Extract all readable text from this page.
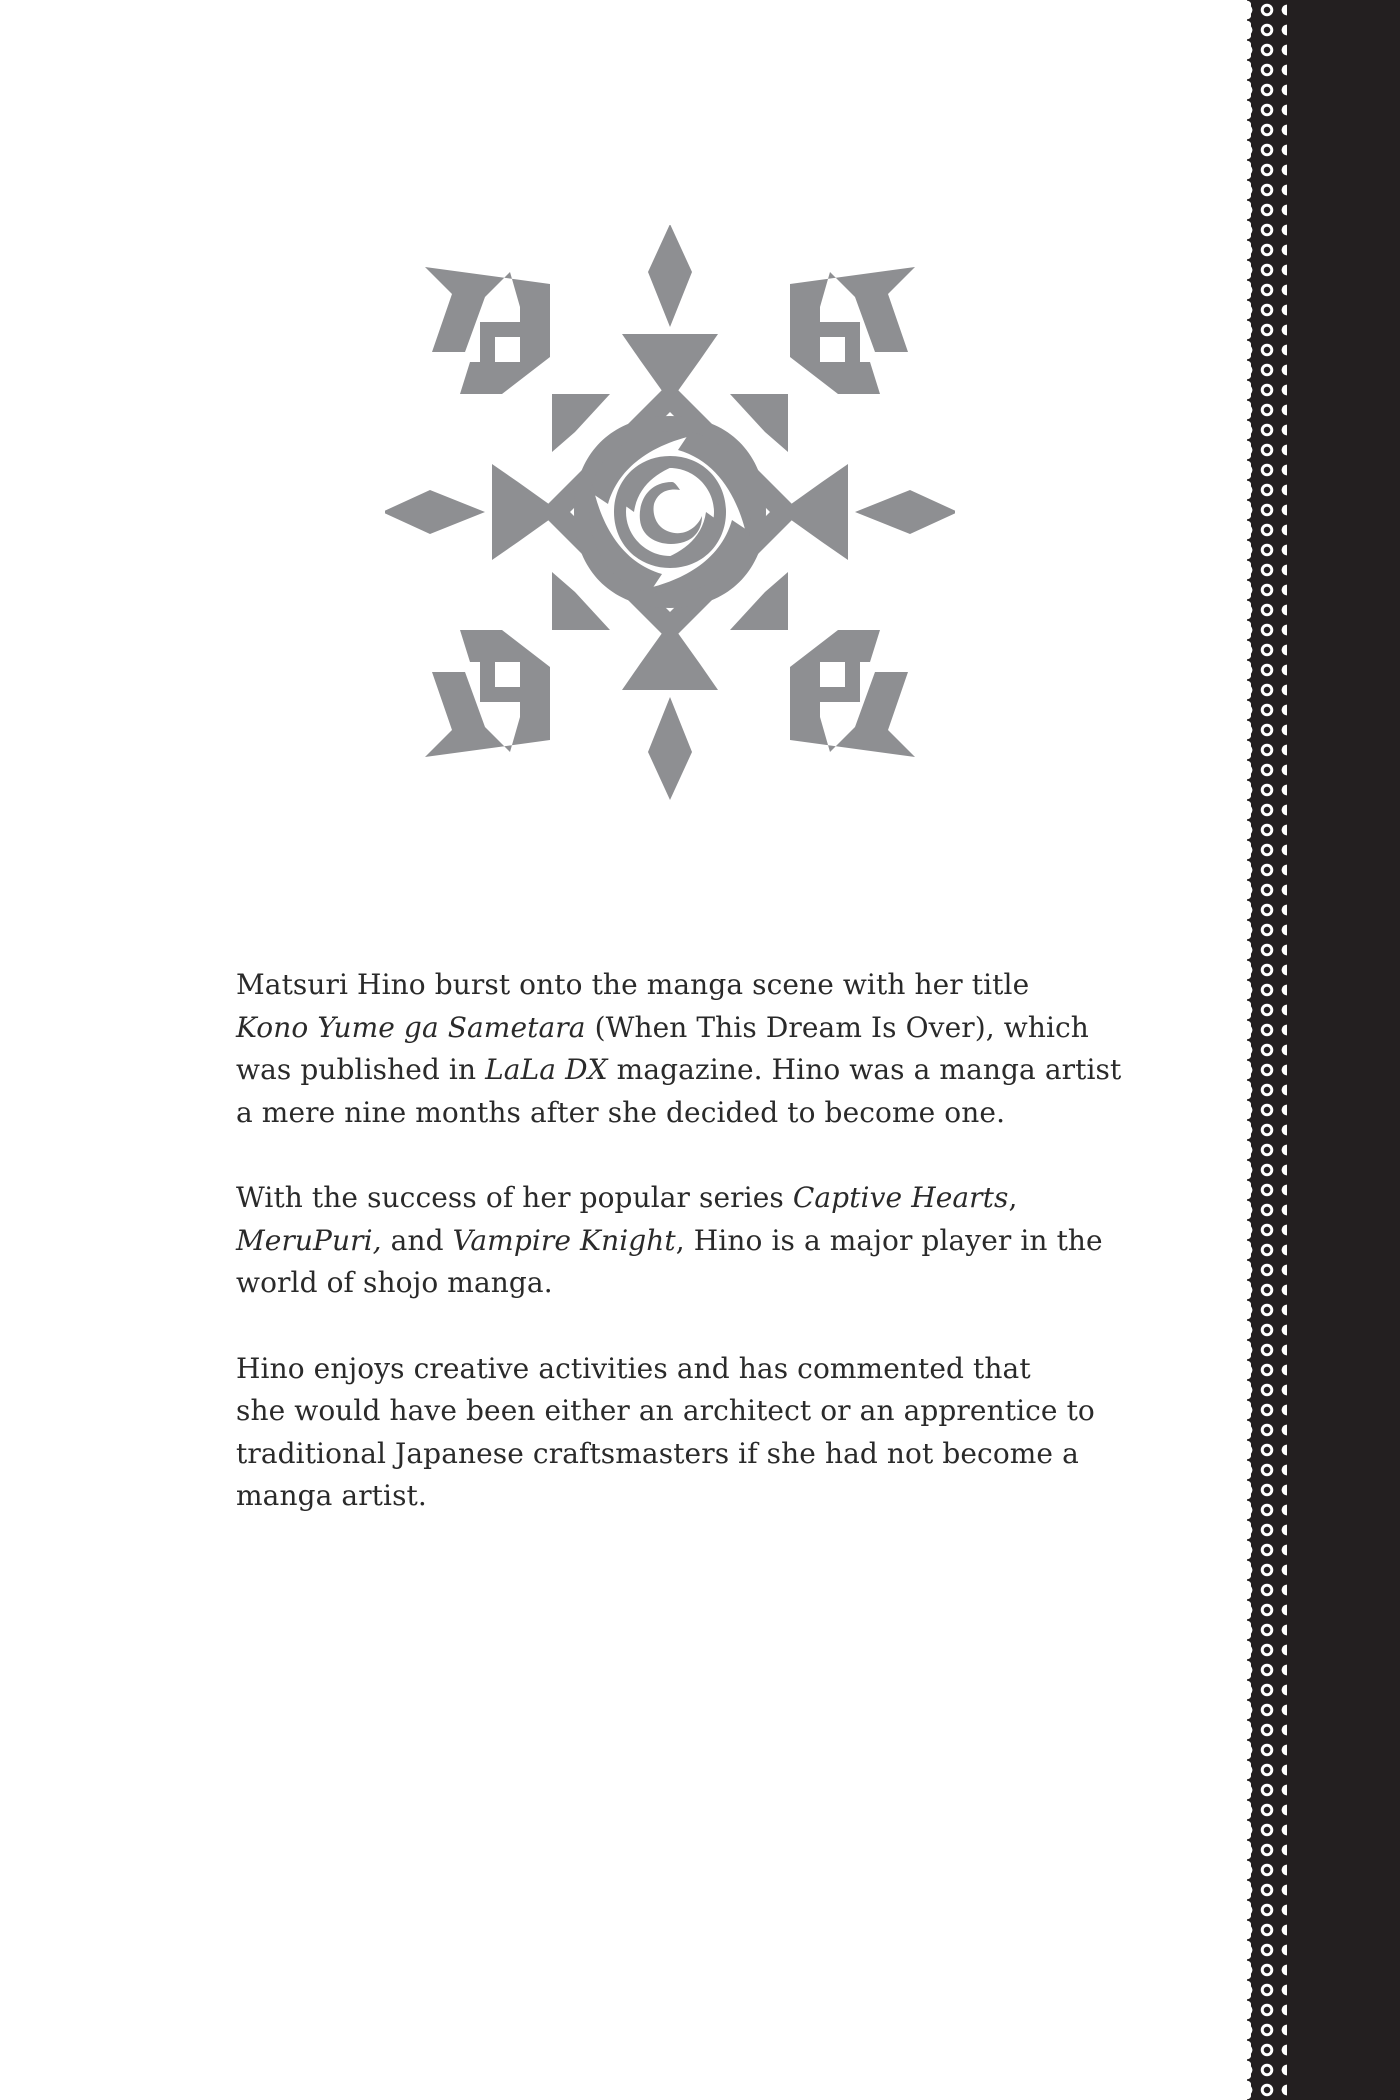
Matsuri Hino burst onto the manga scene with her title
Kono Yume ga Sametara (When This Dream Is Over), which
was published in LaLa DX magazine. Hino was a manga artist
a mere nine months after she decided to become one.

With the success of her popular series Captive Hearts,
MeruPuri, and Vampire Knight, Hino is a major player in the
world of shojo manga.

Hino enjoys creative activities and has commented that
she would have been either an architect or an apprentice to
traditional Japanese craftsmasters if she had not become a
manga artist.
